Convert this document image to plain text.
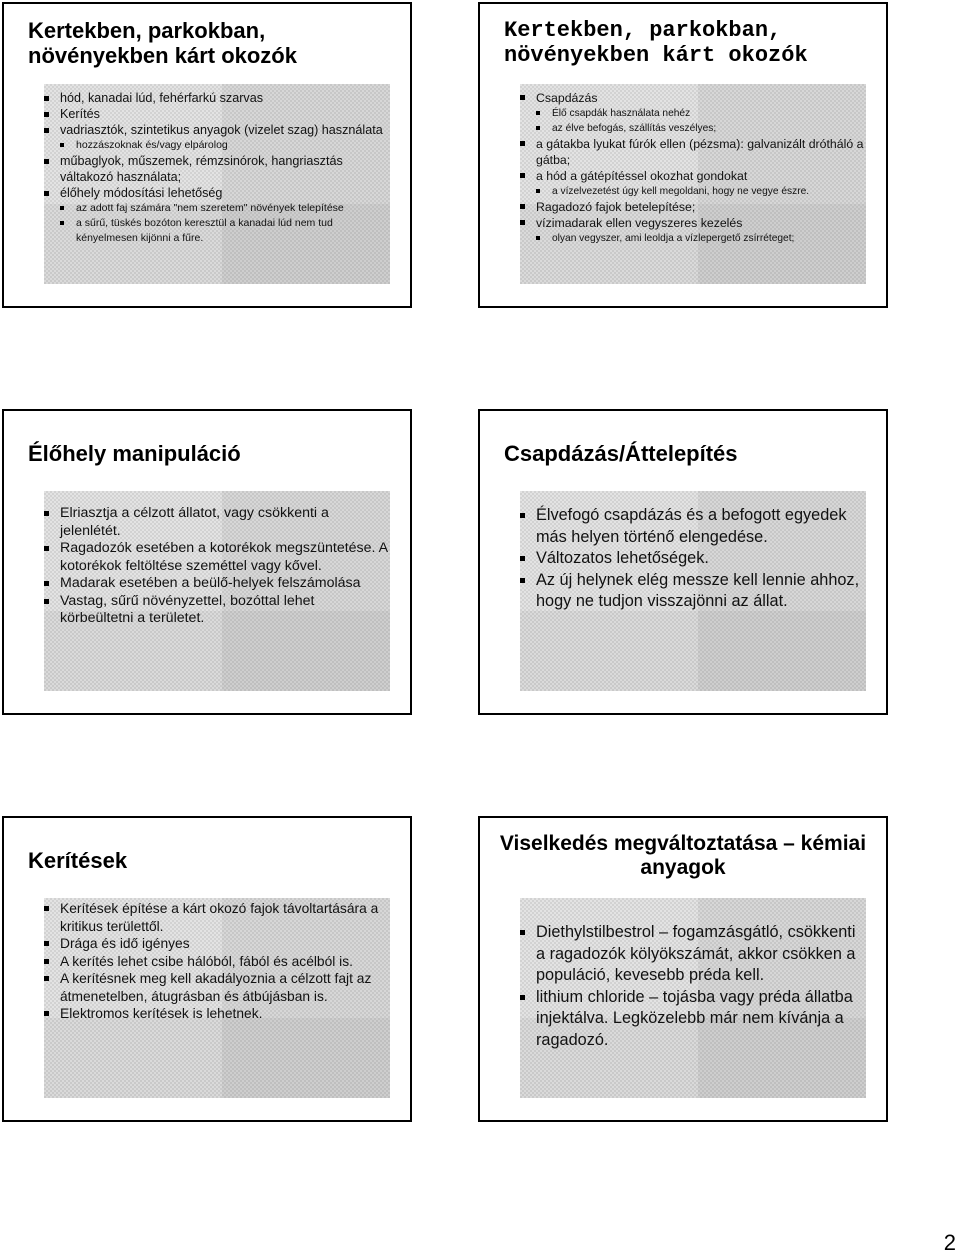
Kertekben, parkokban, növényekben kárt okozók
hód, kanadai lúd, fehérfarkú szarvas
Kerítés
vadriasztók, szintetikus anyagok (vizelet szag) használata
hozzászoknak és/vagy elpárolog
műbaglyok, műszemek, rémzsinórok, hangriasztás váltakozó használata;
élőhely módosítási lehetőség
az adott faj számára "nem szeretem" növények telepítése
a sűrű, tüskés bozóton keresztül a kanadai lúd nem tud kényelmesen kijönni a fűre.
Kertekben, parkokban, növényekben kárt okozók
Csapdázás
Élő csapdák használata nehéz
az élve befogás, szállítás veszélyes;
a gátakba lyukat fúrók ellen (pézsma): galvanizált drótháló a gátba;
a hód a gátépítéssel okozhat gondokat
a vízelvezetést úgy kell megoldani, hogy ne vegye észre.
Ragadozó fajok betelepítése;
vízimadarak ellen vegyszeres kezelés
olyan vegyszer, ami leoldja a vízlepergető zsírréteget;
Élőhely manipuláció
Elriasztja a célzott állatot, vagy csökkenti a jelenlétét.
Ragadozók esetében a kotorékok megszüntetése. A kotorékok feltöltése szeméttel vagy kővel.
Madarak esetében a beülő-helyek felszámolása
Vastag, sűrű növényzettel, bozóttal lehet körbeültetni a területet.
Csapdázás/Áttelepítés
Élvefogó csapdázás és a befogott egyedek más helyen történő elengedése.
Változatos lehetőségek.
Az új helynek elég messze kell lennie ahhoz, hogy ne tudjon visszajönni az állat.
Kerítések
Kerítések építése a kárt okozó fajok távoltartására a kritikus területtől.
Drága és idő igényes
A kerítés lehet csibe hálóból, fából és acélból is.
A kerítésnek meg kell akadályoznia a célzott fajt az átmenetelben, átugrásban és átbújásban is.
Elektromos kerítések is lehetnek.
Viselkedés megváltoztatása – kémiai anyagok
Diethylstilbestrol – fogamzásgátló, csökkenti a ragadozók kölyökszámát, akkor csökken a populáció, kevesebb préda kell.
lithium chloride – tojásba vagy préda állatba injektálva. Legközelebb már nem kívánja a ragadozó.
2
